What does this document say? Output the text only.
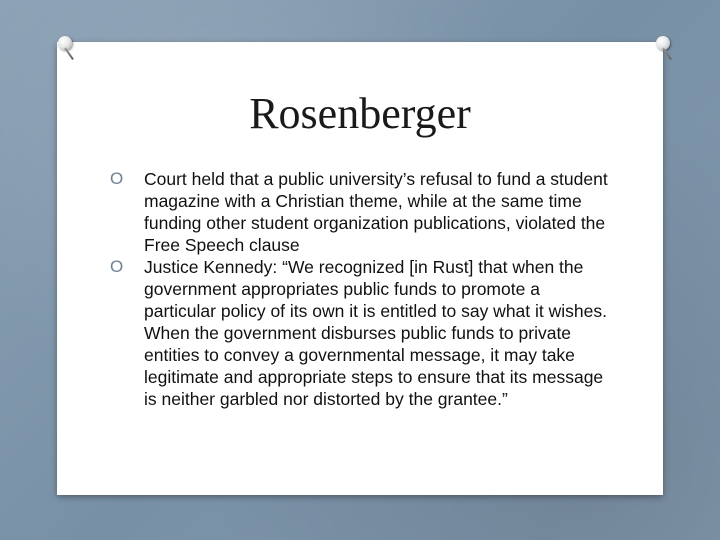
Rosenberger
O Court held that a public university’s refusal to fund a student magazine with a Christian theme, while at the same time funding other student organization publications, violated the Free Speech clause
O Justice Kennedy: “We recognized [in Rust] that when the government appropriates public funds to promote a particular policy of its own it is entitled to say what it wishes. When the government disburses public funds to private entities to convey a governmental message, it may take legitimate and appropriate steps to ensure that its message is neither garbled nor distorted by the grantee.”
